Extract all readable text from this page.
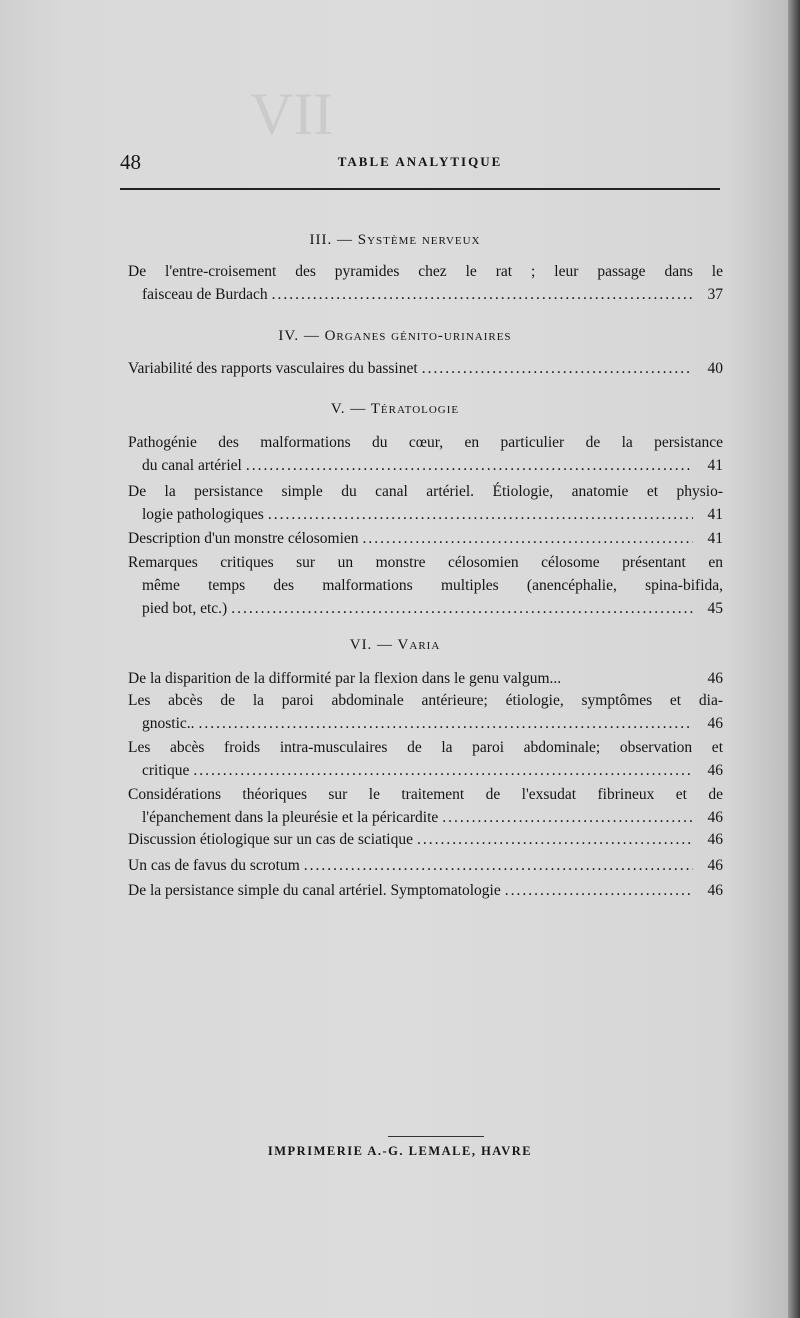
VII
48	TABLE ANALYTIQUE
III. — Système nerveux
De l'entre-croisement des pyramides chez le rat ; leur passage dans le
faisceau de Burdach .....	37
IV. — Organes génito-urinaires
Variabilité des rapports vasculaires du bassinet .....	40
V. — Tératologie
Pathogénie des malformations du cœur, en particulier de la persistance
du canal artériel .....	41
De la persistance simple du canal artériel. Étiologie, anatomie et physio-
logie pathologiques .....	41
Description d'un monstre célosomien .....	41
Remarques critiques sur un monstre célosomien célosome présentant en
même temps des malformations multiples (anencéphalie, spina-bifida,
pied bot, etc.) .....	45
VI. — Varia
De la disparition de la difformité par la flexion dans le genu valgum...	46
Les abcès de la paroi abdominale antérieure; étiologie, symptômes et dia-
gnostic.. .....	46
Les abcès froids intra-musculaires de la paroi abdominale; observation et
critique .....	46
Considérations théoriques sur le traitement de l'exsudat fibrineux et de
l'épanchement dans la pleurésie et la péricardite .....	46
Discussion étiologique sur un cas de sciatique .....	46
Un cas de favus du scrotum .....	46
De la persistance simple du canal artériel. Symptomatologie .....	46
IMPRIMERIE A.-G. LEMALE, HAVRE
